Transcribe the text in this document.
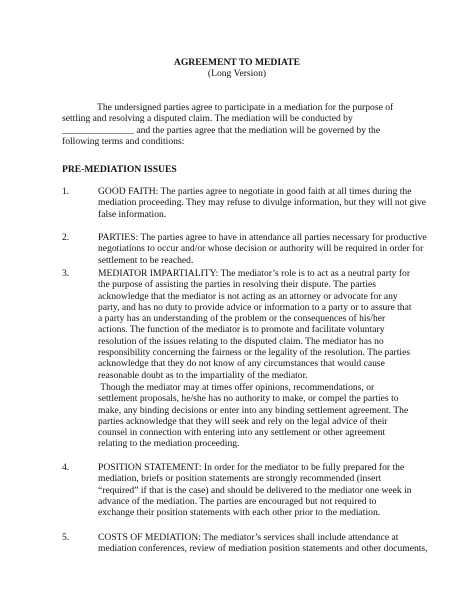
AGREEMENT TO MEDIATE
(Long Version)
The undersigned parties agree to participate in a mediation for the purpose of
settling and resolving a disputed claim. The mediation will be conducted by
_______________ and the parties agree that the mediation will be governed by the
following terms and conditions:
PRE-MEDIATION ISSUES
1.	GOOD FAITH: The parties agree to negotiate in good faith at all times during the
mediation proceeding. They may refuse to divulge information, but they will not give
false information.
2.	PARTIES: The parties agree to have in attendance all parties necessary for productive
negotiations to occur and/or whose decision or authority will be required in order for
settlement to be reached.
3.	MEDIATOR IMPARTIALITY: The mediator’s role is to act as a neutral party for
the purpose of assisting the parties in resolving their dispute. The parties
acknowledge that the mediator is not acting as an attorney or advocate for any
party, and has no duty to provide advice or information to a party or to assure that
a party has an understanding of the problem or the consequences of his/her
actions. The function of the mediator is to promote and facilitate voluntary
resolution of the issues relating to the disputed claim. The mediator has no
responsibility concerning the fairness or the legality of the resolution. The parties
acknowledge that they do not know of any circumstances that would cause
reasonable doubt as to the impartiality of the mediator.
Though the mediator may at times offer opinions, recommendations, or
settlement proposals, he/she has no authority to make, or compel the parties to
make, any binding decisions or enter into any binding settlement agreement. The
parties acknowledge that they will seek and rely on the legal advice of their
counsel in connection with entering into any settlement or other agreement
relating to the mediation proceeding.
4.	POSITION STATEMENT: In order for the mediator to be fully prepared for the
mediation, briefs or position statements are strongly recommended (insert
“required” if that is the case) and should be delivered to the mediator one week in
advance of the mediation. The parties are encouraged but not required to
exchange their position statements with each other prior to the mediation.
5.	COSTS OF MEDIATION: The mediator’s services shall include attendance at
mediation conferences, review of mediation position statements and other documents,
